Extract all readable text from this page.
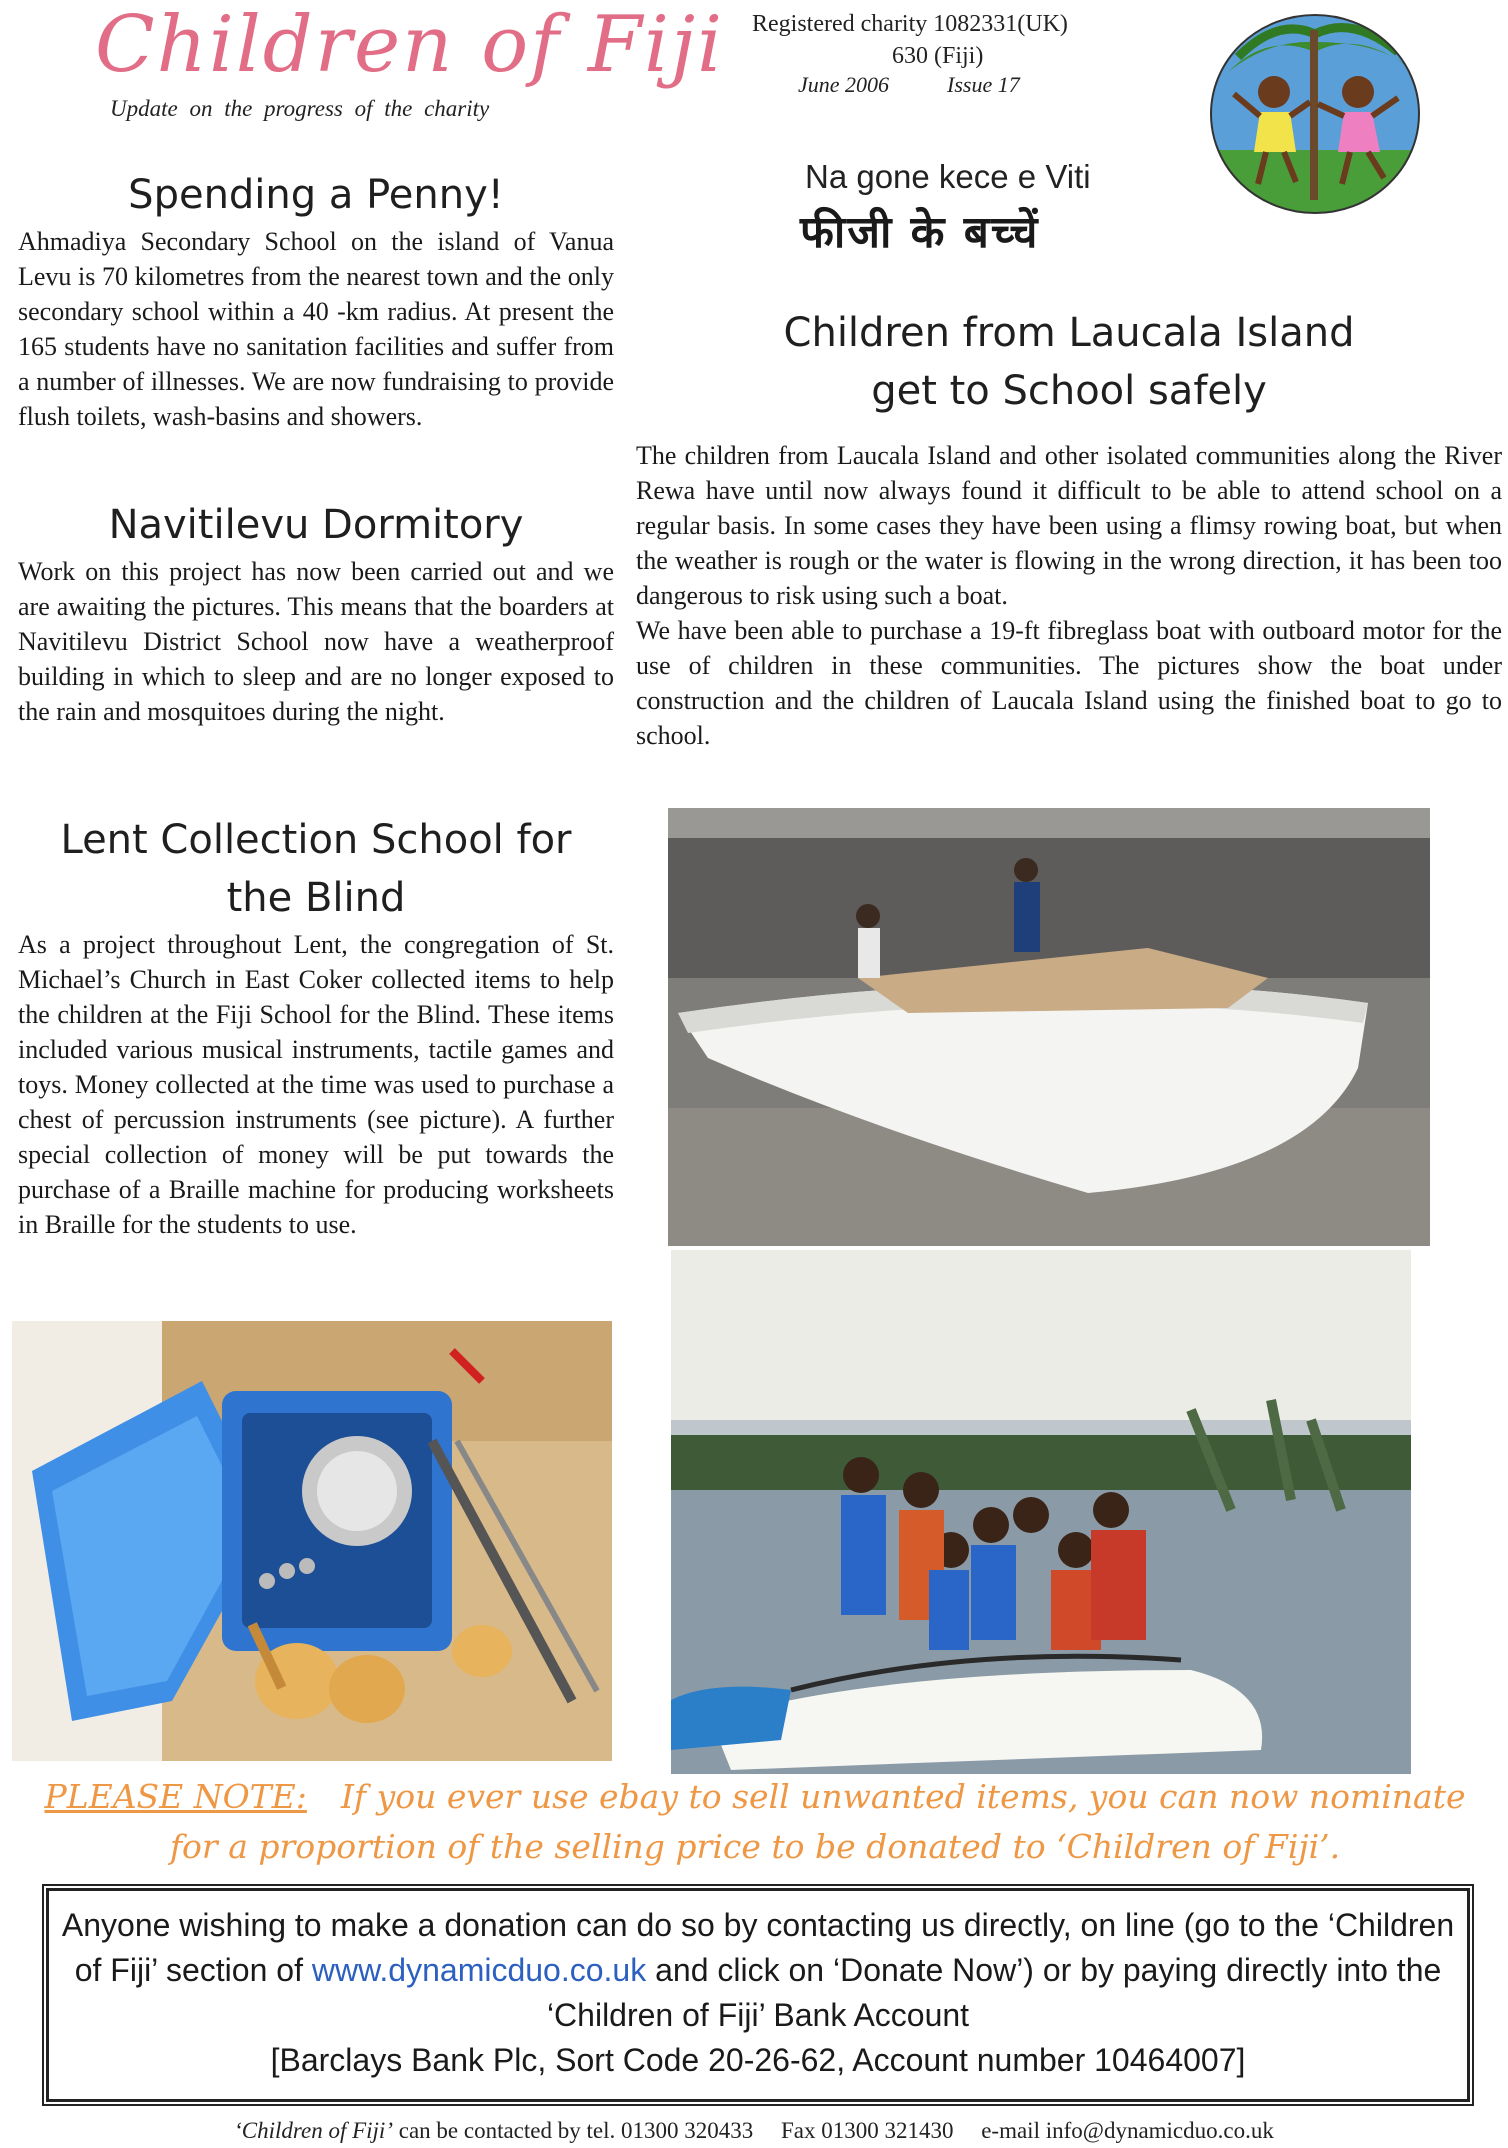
Children of Fiji
Update on the progress of the charity
Registered charity 1082331(UK)
630 (Fiji)
June 2006	Issue 17
Na gone kece e Viti
फीजी के बच्चें
Spending a Penny!

Ahmadiya Secondary School on the island of Vanua Levu is 70 kilometres from the nearest town and the only secondary school within a 40 -km radius. At present the 165 students have no sanitation facilities and suffer from a number of illnesses. We are now fundraising to provide flush toilets, wash-basins and showers.

Navitilevu Dormitory

Work on this project has now been carried out and we are awaiting the pictures. This means that the boarders at Navitilevu District School now have a weatherproof building in which to sleep and are no longer exposed to the rain and mosquitoes during the night.

Lent Collection School for
the Blind

As a project throughout Lent, the congregation of St. Michael’s Church in East Coker collected items to help the children at the Fiji School for the Blind. These items included various musical instruments, tactile games and toys. Money collected at the time was used to purchase a chest of percussion instruments (see picture). A further special collection of money will be put towards the purchase of a Braille machine for producing worksheets in Braille for the students to use.

Children from Laucala Island
get to School safely

The children from Laucala Island and other isolated communities along the River Rewa have until now always found it difficult to be able to attend school on a regular basis. In some cases they have been using a flimsy rowing boat, but when the weather is rough or the water is flowing in the wrong direction, it has been too dangerous to risk using such a boat.

We have been able to purchase a 19-ft fibreglass boat with outboard motor for the use of children in these communities. The pictures show the boat under construction and the children of Laucala Island using the finished boat to go to school.

PLEASE NOTE: If you ever use ebay to sell unwanted items, you can now nominate for a proportion of the selling price to be donated to ‘Children of Fiji’.
Anyone wishing to make a donation can do so by contacting us directly, on line (go to the ‘Children of Fiji’ section of www.dynamicduo.co.uk and click on ‘Donate Now’) or by paying directly into the ‘Children of Fiji’ Bank Account
[Barclays Bank Plc, Sort Code 20-26-62, Account number 10464007]
‘Children of Fiji’ can be contacted by tel. 01300 320433 Fax 01300 321430 e-mail info@dynamicduo.co.uk
